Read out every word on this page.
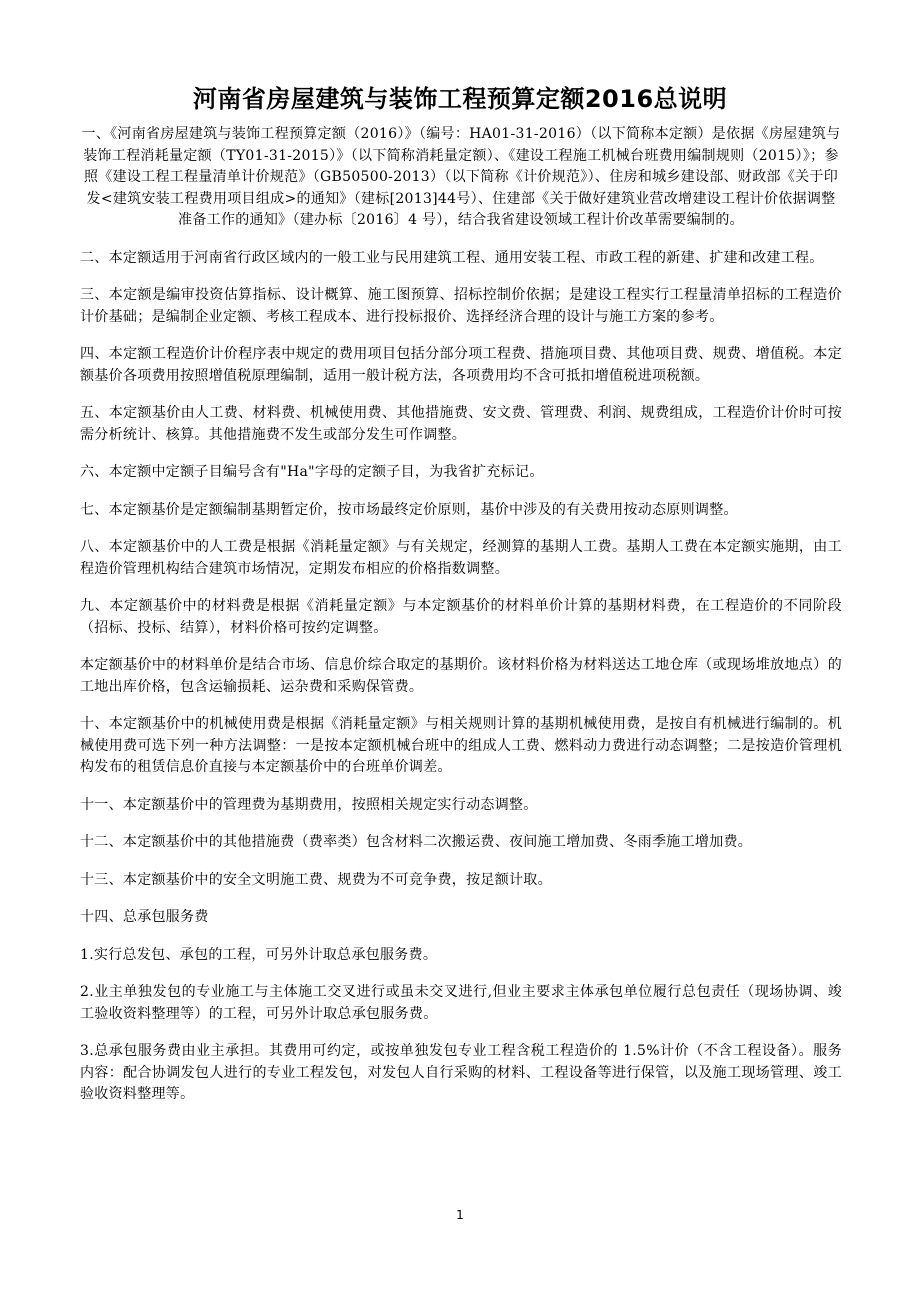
河南省房屋建筑与装饰工程预算定额2016总说明

一、《河南省房屋建筑与装饰工程预算定额（2016）》（编号：HA01-31-2016）（以下简称本定额）是依据《房屋建筑与装饰工程消耗量定额（TY01-31-2015）》（以下简称消耗量定额）、《建设工程施工机械台班费用编制规则（2015）》；参照《建设工程工程量清单计价规范》（GB50500-2013）（以下简称《计价规范》）、住房和城乡建设部、财政部《关于印发<建筑安装工程费用项目组成>的通知》（建标[2013]44号）、住建部《关于做好建筑业营改增建设工程计价依据调整准备工作的通知》（建办标〔2016〕4 号），结合我省建设领域工程计价改革需要编制的。

二、本定额适用于河南省行政区域内的一般工业与民用建筑工程、通用安装工程、市政工程的新建、扩建和改建工程。

三、本定额是编审投资估算指标、设计概算、施工图预算、招标控制价依据；是建设工程实行工程量清单招标的工程造价计价基础；是编制企业定额、考核工程成本、进行投标报价、选择经济合理的设计与施工方案的参考。

四、本定额工程造价计价程序表中规定的费用项目包括分部分项工程费、措施项目费、其他项目费、规费、增值税。本定额基价各项费用按照增值税原理编制，适用一般计税方法，各项费用均不含可抵扣增值税进项税额。

五、本定额基价由人工费、材料费、机械使用费、其他措施费、安文费、管理费、利润、规费组成，工程造价计价时可按需分析统计、核算。其他措施费不发生或部分发生可作调整。

六、本定额中定额子目编号含有"Ha"字母的定额子目，为我省扩充标记。

七、本定额基价是定额编制基期暂定价，按市场最终定价原则，基价中涉及的有关费用按动态原则调整。

八、本定额基价中的人工费是根据《消耗量定额》与有关规定，经测算的基期人工费。基期人工费在本定额实施期，由工程造价管理机构结合建筑市场情况，定期发布相应的价格指数调整。

九、本定额基价中的材料费是根据《消耗量定额》与本定额基价的材料单价计算的基期材料费，在工程造价的不同阶段（招标、投标、结算），材料价格可按约定调整。

本定额基价中的材料单价是结合市场、信息价综合取定的基期价。该材料价格为材料送达工地仓库（或现场堆放地点）的工地出库价格，包含运输损耗、运杂费和采购保管费。

十、本定额基价中的机械使用费是根据《消耗量定额》与相关规则计算的基期机械使用费，是按自有机械进行编制的。机械使用费可选下列一种方法调整：一是按本定额机械台班中的组成人工费、燃料动力费进行动态调整；二是按造价管理机构发布的租赁信息价直接与本定额基价中的台班单价调差。

十一、本定额基价中的管理费为基期费用，按照相关规定实行动态调整。

十二、本定额基价中的其他措施费（费率类）包含材料二次搬运费、夜间施工增加费、冬雨季施工增加费。

十三、本定额基价中的安全文明施工费、规费为不可竞争费，按足额计取。

十四、总承包服务费

1.实行总发包、承包的工程，可另外计取总承包服务费。

2.业主单独发包的专业施工与主体施工交叉进行或虽未交叉进行,但业主要求主体承包单位履行总包责任（现场协调、竣工验收资料整理等）的工程，可另外计取总承包服务费。

3.总承包服务费由业主承担。其费用可约定，或按单独发包专业工程含税工程造价的 1.5%计价（不含工程设备）。服务内容：配合协调发包人进行的专业工程发包，对发包人自行采购的材料、工程设备等进行保管，以及施工现场管理、竣工验收资料整理等。

1
